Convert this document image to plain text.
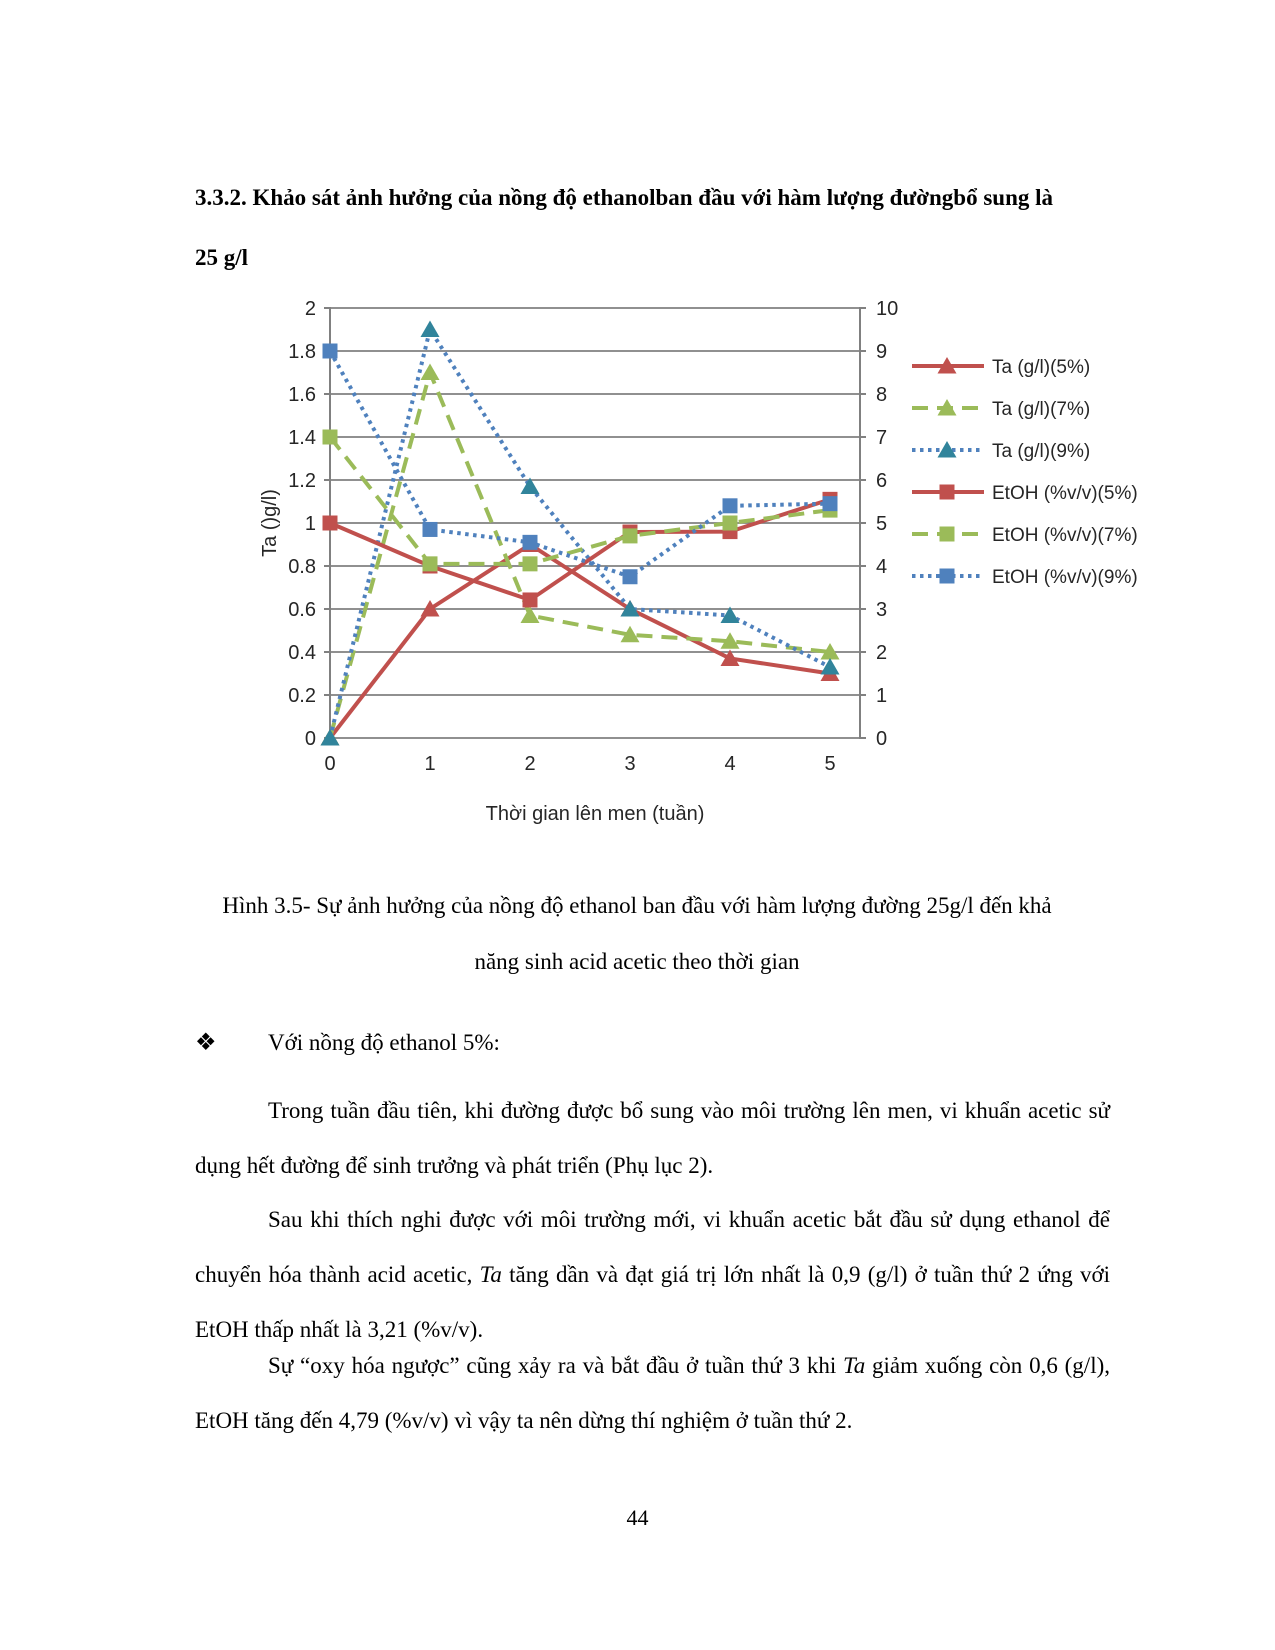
3.3.2. Khảo sát ảnh hưởng của nồng độ ethanolban đầu với hàm lượng đườngbổ sung là
25 g/l
0	0
0.2	1
0.4	2
0.6	3
0.8	4
1	5
1.2	6
1.4	7
1.6	8
1.8	9
2	10
0	1	2	3	4	5
Thời gian lên men (tuần)
Ta ()g/l)
Ta (g/l)(5%)
Ta (g/l)(7%)
Ta (g/l)(9%)
EtOH (%v/v)(5%)
EtOH (%v/v)(7%)
EtOH (%v/v)(9%)
Hình 3.5- Sự ảnh hưởng của nồng độ ethanol ban đầu với hàm lượng đường 25g/l đến khả
năng sinh acid acetic theo thời gian
❖ Với nồng độ ethanol 5%:
Trong tuần đầu tiên, khi đường được bổ sung vào môi trường lên men, vi khuẩn acetic sử dụng hết đường để sinh trưởng và phát triển (Phụ lục 2).
Sau khi thích nghi được với môi trường mới, vi khuẩn acetic bắt đầu sử dụng ethanol để chuyển hóa thành acid acetic, Ta tăng dần và đạt giá trị lớn nhất là 0,9 (g/l) ở tuần thứ 2 ứng với EtOH thấp nhất là 3,21 (%v/v).
Sự “oxy hóa ngược” cũng xảy ra và bắt đầu ở tuần thứ 3 khi Ta giảm xuống còn 0,6 (g/l), EtOH tăng đến 4,79 (%v/v) vì vậy ta nên dừng thí nghiệm ở tuần thứ 2.
44
